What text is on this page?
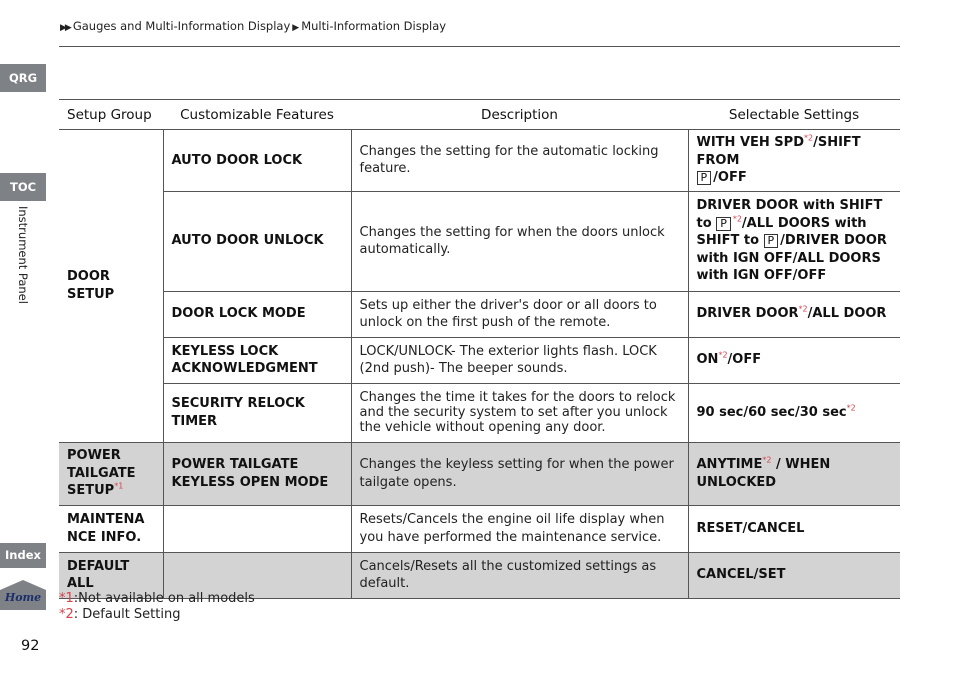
▶▶ Gauges and Multi-Information Display ▶ Multi-Information Display
QRG
TOC
Instrument Panel
Index
Home
Setup Group	Customizable Features	Description	Selectable Settings
DOOR
SETUP	AUTO DOOR LOCK	Changes the setting for the automatic locking feature.	WITH VEH SPD$^{*2}$/SHIFT FROM
P /OFF
	AUTO DOOR UNLOCK	Changes the setting for when the doors unlock automatically.	DRIVER DOOR with SHIFT to P $^{*2}$/ALL DOORS with SHIFT to P /DRIVER DOOR with IGN OFF/ALL DOORS with IGN OFF/OFF
	DOOR LOCK MODE	Sets up either the driver's door or all doors to unlock on the first push of the remote.	DRIVER DOOR$^{*2}$/ALL DOOR
	KEYLESS LOCK ACKNOWLEDGMENT	LOCK/UNLOCK- The exterior lights flash. LOCK (2nd push)- The beeper sounds.	ON$^{*2}$/OFF
	SECURITY RELOCK TIMER	Changes the time it takes for the doors to relock and the security system to set after you unlock the vehicle without opening any door.	90 sec/60 sec/30 $\sec^{*2}$
POWER TAILGATE SETUP$^{*1}$	POWER TAILGATE KEYLESS OPEN MODE	Changes the keyless setting for when the power tailgate opens.	ANYTIME$^{*2}$ / WHEN UNLOCKED
MAINTENA NCE INFO.		Resets/Cancels the engine oil life display when you have performed the maintenance service.	RESET/CANCEL
DEFAULT ALL		Cancels/Resets all the customized settings as default.	CANCEL/SET
*1:Not available on all models
*2: Default Setting
92
